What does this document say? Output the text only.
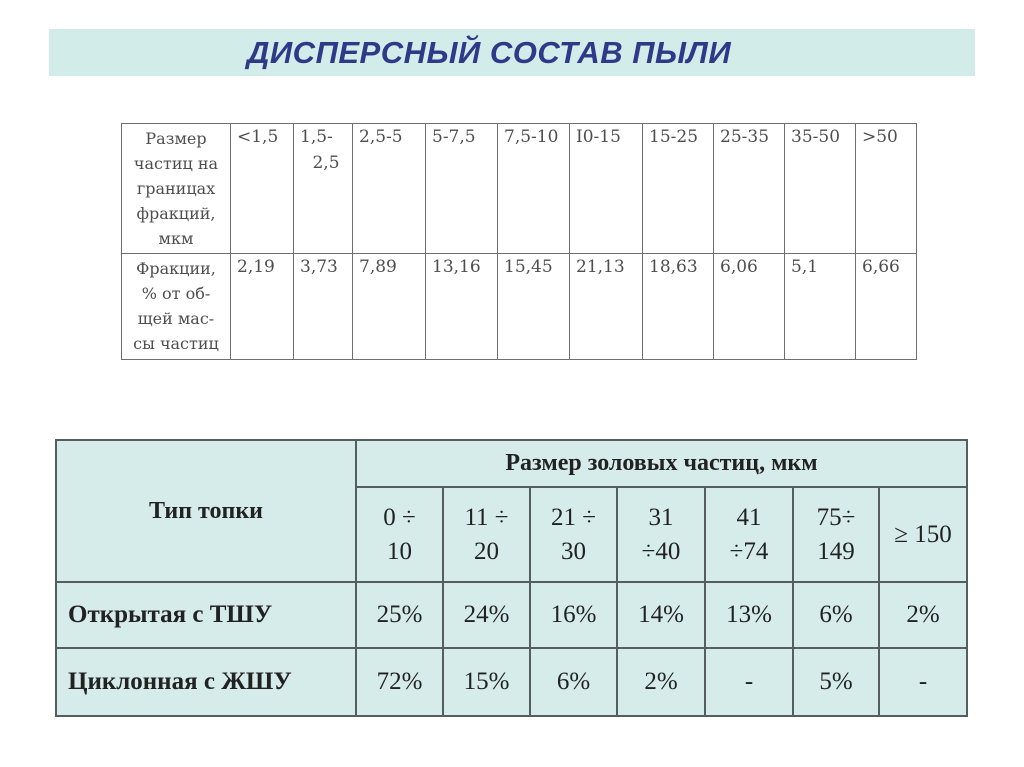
ДИСПЕРСНЫЙ СОСТАВ ПЫЛИ
Размер
частиц на
границах
фракций,
мкм	<1,5	1,5-
2,5	2,5-5	5-7,5	7,5-10	I0-15	15-25	25-35	35-50	>50

Фракции,
% от об-
щей мас-
сы частиц	2,19	3,73	7,89	13,16	15,45	21,13	18,63	6,06	5,1	6,66
Тип топки	Размер золовых частиц, мкм						
	0 ÷
10	11 ÷
20	21 ÷
30	31
÷40	41
÷74	75÷
149	≥ 150
Открытая с ТШУ	25%	24%	16%	14%	13%	6%	2%
Циклонная с ЖШУ	72%	15%	6%	2%	-	5%	-
